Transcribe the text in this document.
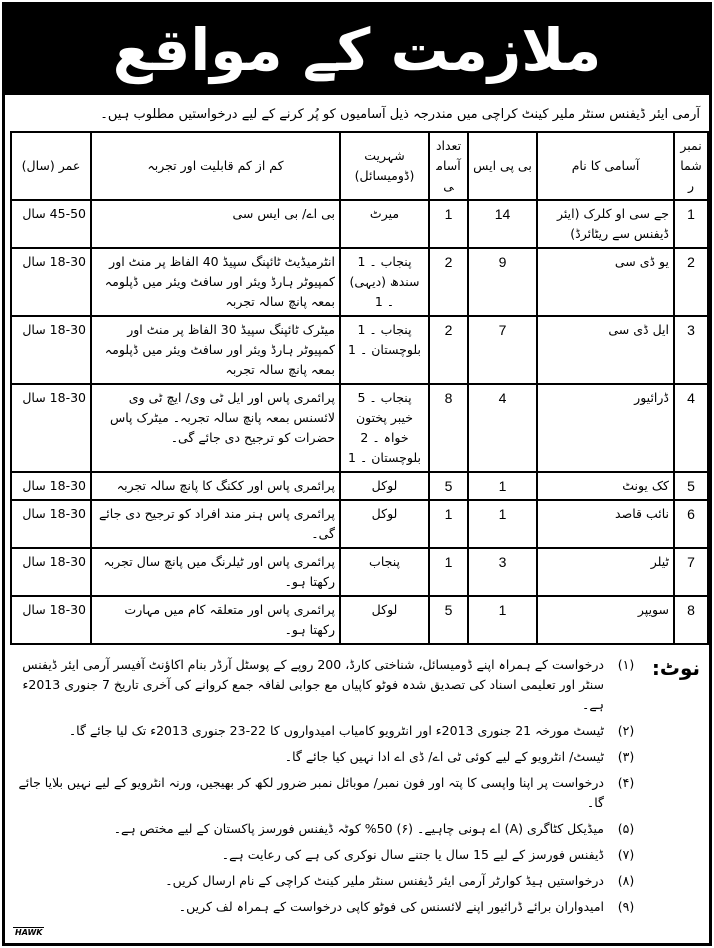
ملازمت کے مواقع
آرمی ایئر ڈیفنس سنٹر ملیر کینٹ کراچی میں مندرجہ ذیل آسامیوں کو پُر کرنے کے لیے درخواستیں مطلوب ہیں۔
نمبر شمار	آسامی کا نام	بی پی ایس	تعداد آسامی	شہریت (ڈومیسائل)	کم از کم قابلیت اور تجربہ	عمر (سال)
1	جے سی او کلرک (ایئر ڈیفنس سے ریٹائرڈ)	14	1	میرٹ	بی اے/ بی ایس سی	45-50 سال
2	یو ڈی سی	9	2	پنجاب ۔ 1 سندھ (دیہی) ۔ 1	انٹرمیڈیٹ ٹائپنگ سپیڈ 40 الفاظ پر منٹ اور کمپیوٹر ہارڈ ویئر اور سافٹ ویئر میں ڈپلومہ بمعہ پانچ سالہ تجربہ	18-30 سال
3	ایل ڈی سی	7	2	پنجاب ۔ 1 بلوچستان ۔ 1	میٹرک ٹائپنگ سپیڈ 30 الفاظ پر منٹ اور کمپیوٹر ہارڈ ویئر اور سافٹ ویئر میں ڈپلومہ بمعہ پانچ سالہ تجربہ	18-30 سال
4	ڈرائیور	4	8	پنجاب ۔ 5 خیبر پختون خواہ ۔ 2 بلوچستان ۔ 1	پرائمری پاس اور ایل ٹی وی/ ایچ ٹی وی لائسنس بمعہ پانچ سالہ تجربہ۔ میٹرک پاس حضرات کو ترجیح دی جائے گی۔	18-30 سال
5	کک یونٹ	1	5	لوکل	پرائمری پاس اور ککنگ کا پانچ سالہ تجربہ	18-30 سال
6	نائب قاصد	1	1	لوکل	پرائمری پاس ہنر مند افراد کو ترجیح دی جائے گی۔	18-30 سال
7	ٹیلر	3	1	پنجاب	پرائمری پاس اور ٹیلرنگ میں پانچ سال تجربہ رکھتا ہو۔	18-30 سال
8	سویپر	1	5	لوکل	پرائمری پاس اور متعلقہ کام میں مہارت رکھتا ہو۔	18-30 سال
نوٹ:
(۱)
درخواست کے ہمراہ اپنے ڈومیسائل، شناختی کارڈ، 200 روپے کے پوسٹل آرڈر بنام اکاؤنٹ آفیسر آرمی ایئر ڈیفنس سنٹر اور تعلیمی اسناد کی تصدیق شدہ فوٹو کاپیاں مع جوابی لفافہ جمع کروانے کی آخری تاریخ 7 جنوری 2013ء ہے۔
(۲)
ٹیسٹ مورخہ 21 جنوری 2013ء اور انٹرویو کامیاب امیدواروں کا 22-23 جنوری 2013ء تک لیا جائے گا۔
(۳)
ٹیسٹ/ انٹرویو کے لیے کوئی ٹی اے/ ڈی اے ادا نہیں کیا جائے گا۔
(۴)
درخواست پر اپنا واپسی کا پتہ اور فون نمبر/ موبائل نمبر ضرور لکھ کر بھیجیں، ورنہ انٹرویو کے لیے نہیں بلایا جائے گا۔
(۵)
میڈیکل کٹاگری (A) اے ہونی چاہیے۔ (۶) 50% کوٹہ ڈیفنس فورسز پاکستان کے لیے مختص ہے۔
(۷)
ڈیفنس فورسز کے لیے 15 سال یا جتنے سال نوکری کی ہے کی رعایت ہے۔
(۸)
درخواستیں ہیڈ کوارٹر آرمی ایئر ڈیفنس سنٹر ملیر کینٹ کراچی کے نام ارسال کریں۔
(۹)
امیدواران برائے ڈرائیور اپنے لائسنس کی فوٹو کاپی درخواست کے ہمراہ لف کریں۔
HAWK
